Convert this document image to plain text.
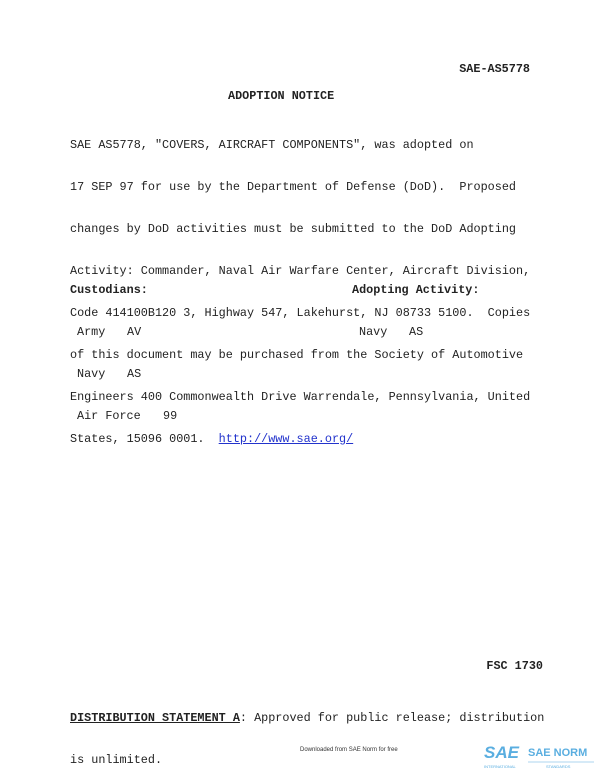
SAE-AS5778
ADOPTION NOTICE

SAE AS5778, "COVERS, AIRCRAFT COMPONENTS", was adopted on

17 SEP 97 for use by the Department of Defense (DoD).  Proposed

changes by DoD activities must be submitted to the DoD Adopting

Activity: Commander, Naval Air Warfare Center, Aircraft Division,

Code 414100B120 3, Highway 547, Lakehurst, NJ 08733 5100.  Copies

of this document may be purchased from the Society of Automotive

Engineers 400 Commonwealth Drive Warrendale, Pennsylvania, United

States, 15096 0001.  http://www.sae.org/

Custodians:

Army AV

Navy AS

Air Force 99

Adopting Activity:

Navy AS

FSC 1730

DISTRIBUTION STATEMENT A: Approved for public release; distribution

is unlimited.

Downloaded from SAE Norm for free	SAE SAE NORM
INTERNATIONAL	STANDARDS
